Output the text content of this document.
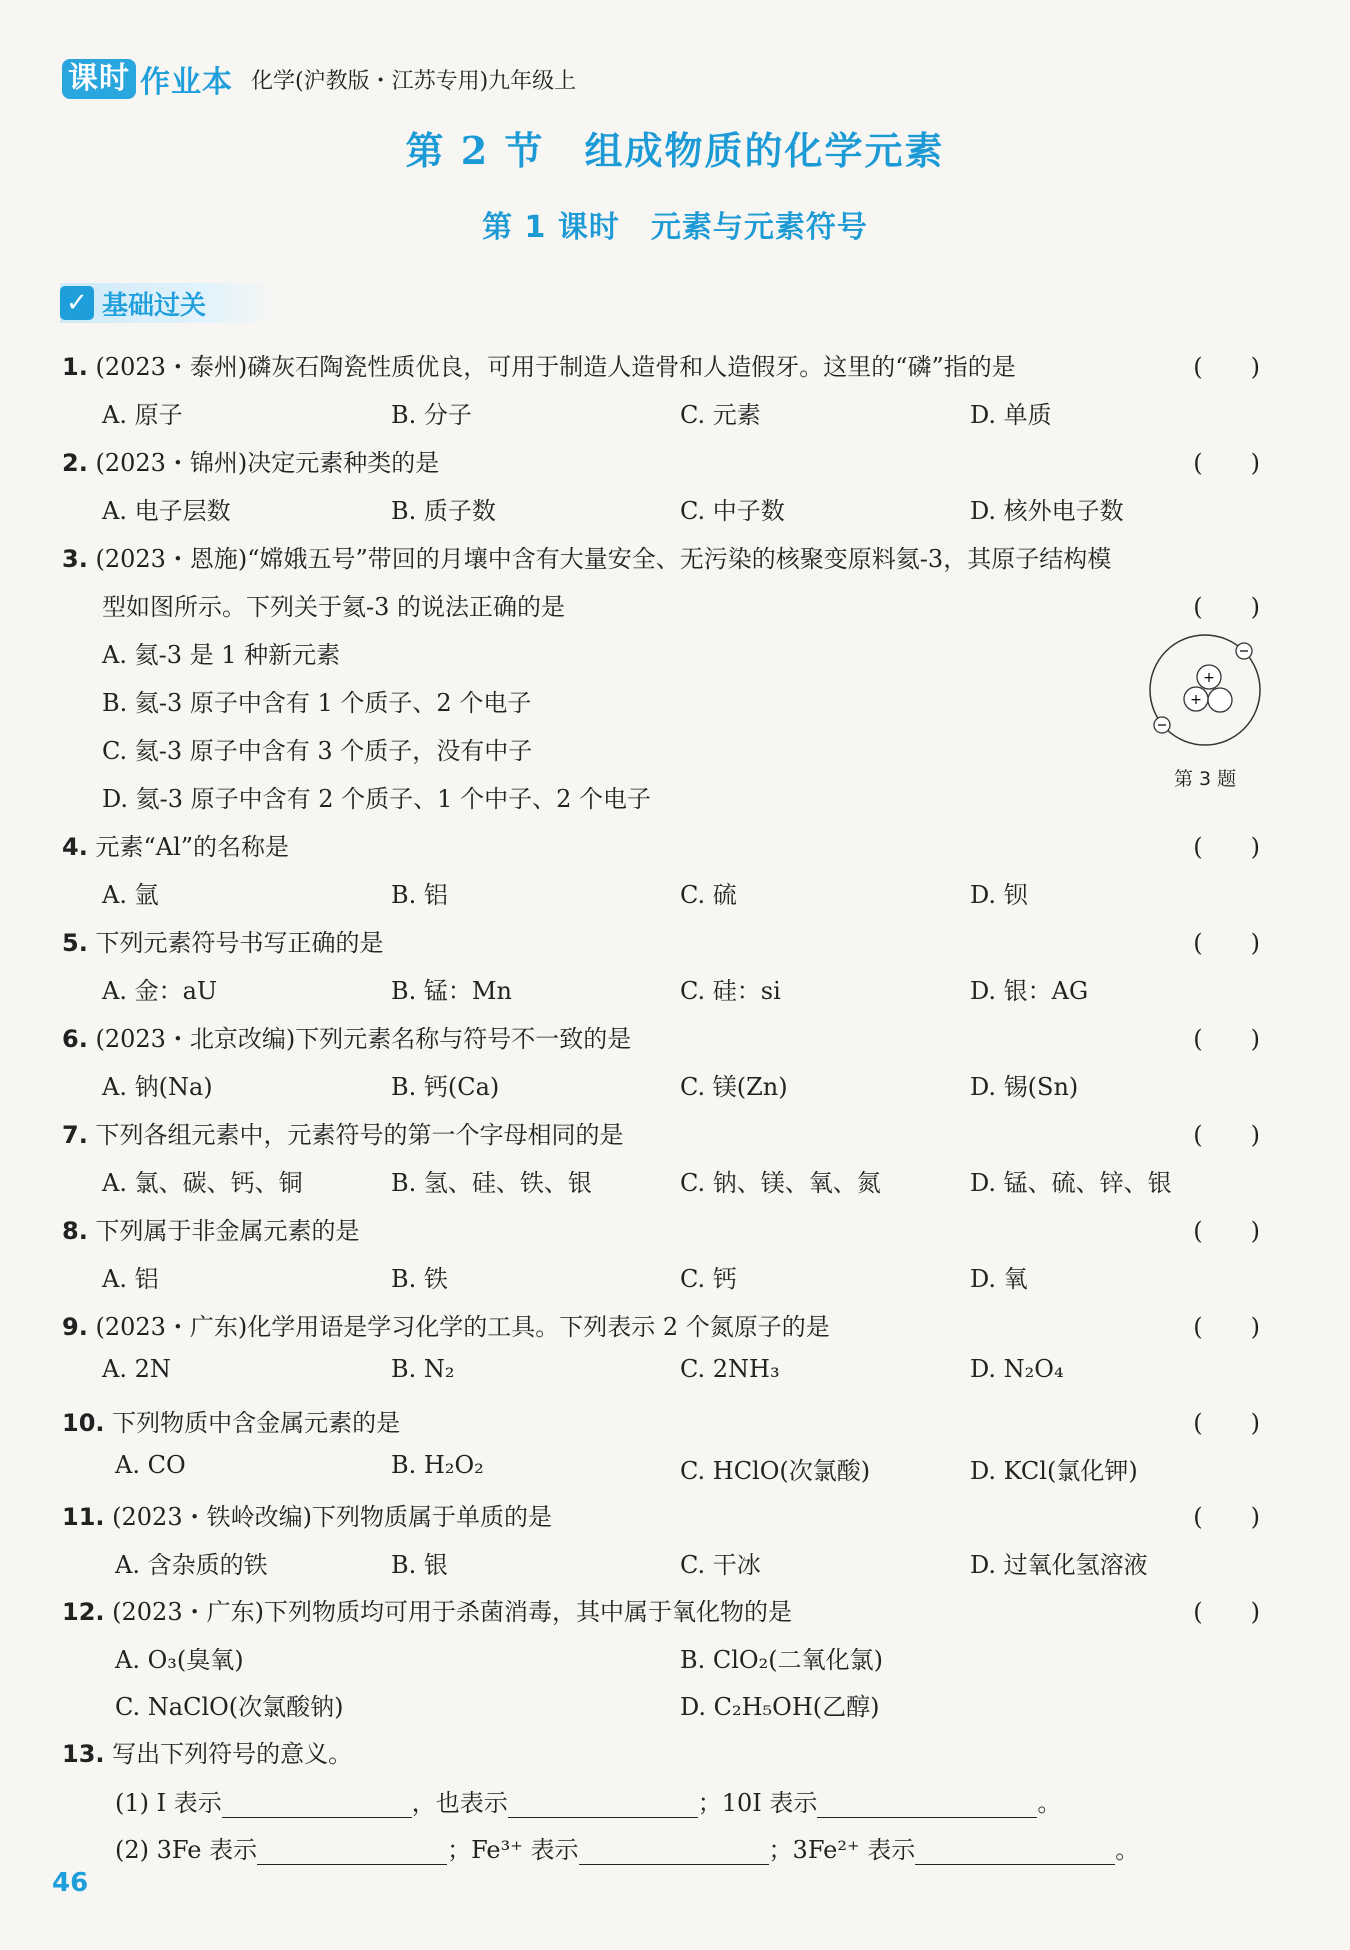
课时 作业本 化学(沪教版・江苏专用)九年级上
第 2 节　组成物质的化学元素
第 1 课时　元素与元素符号
✓ 基础过关
1. (2023・泰州)磷灰石陶瓷性质优良，可用于制造人造骨和人造假牙。这里的“磷”指的是	(　　)
A. 原子	B. 分子	C. 元素	D. 单质
2. (2023・锦州)决定元素种类的是	(　　)
A. 电子层数	B. 质子数	C. 中子数	D. 核外电子数
3. (2023・恩施)“嫦娥五号”带回的月壤中含有大量安全、无污染的核聚变原料氦-3，其原子结构模
型如图所示。下列关于氦-3 的说法正确的是	(　　)
A. 氦-3 是 1 种新元素
B. 氦-3 原子中含有 1 个质子、2 个电子
C. 氦-3 原子中含有 3 个质子，没有中子
D. 氦-3 原子中含有 2 个质子、1 个中子、2 个电子
+
+
第 3 题
4. 元素“Al”的名称是	(　　)
A. 氩	B. 铝	C. 硫	D. 钡
5. 下列元素符号书写正确的是	(　　)
A. 金：aU	B. 锰：Mn	C. 硅：si	D. 银：AG
6. (2023・北京改编)下列元素名称与符号不一致的是	(　　)
A. 钠(Na)	B. 钙(Ca)	C. 镁(Zn)	D. 锡(Sn)
7. 下列各组元素中，元素符号的第一个字母相同的是	(　　)
A. 氯、碳、钙、铜	B. 氢、硅、铁、银	C. 钠、镁、氧、氮	D. 锰、硫、锌、银
8. 下列属于非金属元素的是	(　　)
A. 铝	B. 铁	C. 钙	D. 氧
9. (2023・广东)化学用语是学习化学的工具。下列表示 2 个氮原子的是	(　　)
A. 2N	B. N₂	C. 2NH₃	D. N₂O₄
10. 下列物质中含金属元素的是	(　　)
A. CO	B. H₂O₂	C. HClO(次氯酸)	D. KCl(氯化钾)
11. (2023・铁岭改编)下列物质属于单质的是	(　　)
A. 含杂质的铁	B. 银	C. 干冰	D. 过氧化氢溶液
12. (2023・广东)下列物质均可用于杀菌消毒，其中属于氧化物的是	(　　)
A. O₃(臭氧)	B. ClO₂(二氧化氯)
C. NaClO(次氯酸钠)	D. C₂H₅OH(乙醇)
13. 写出下列符号的意义。
(1) I 表示	，也表示	；10I 表示	。
(2) 3Fe 表示	；Fe³⁺ 表示	；3Fe²⁺ 表示	。
46
